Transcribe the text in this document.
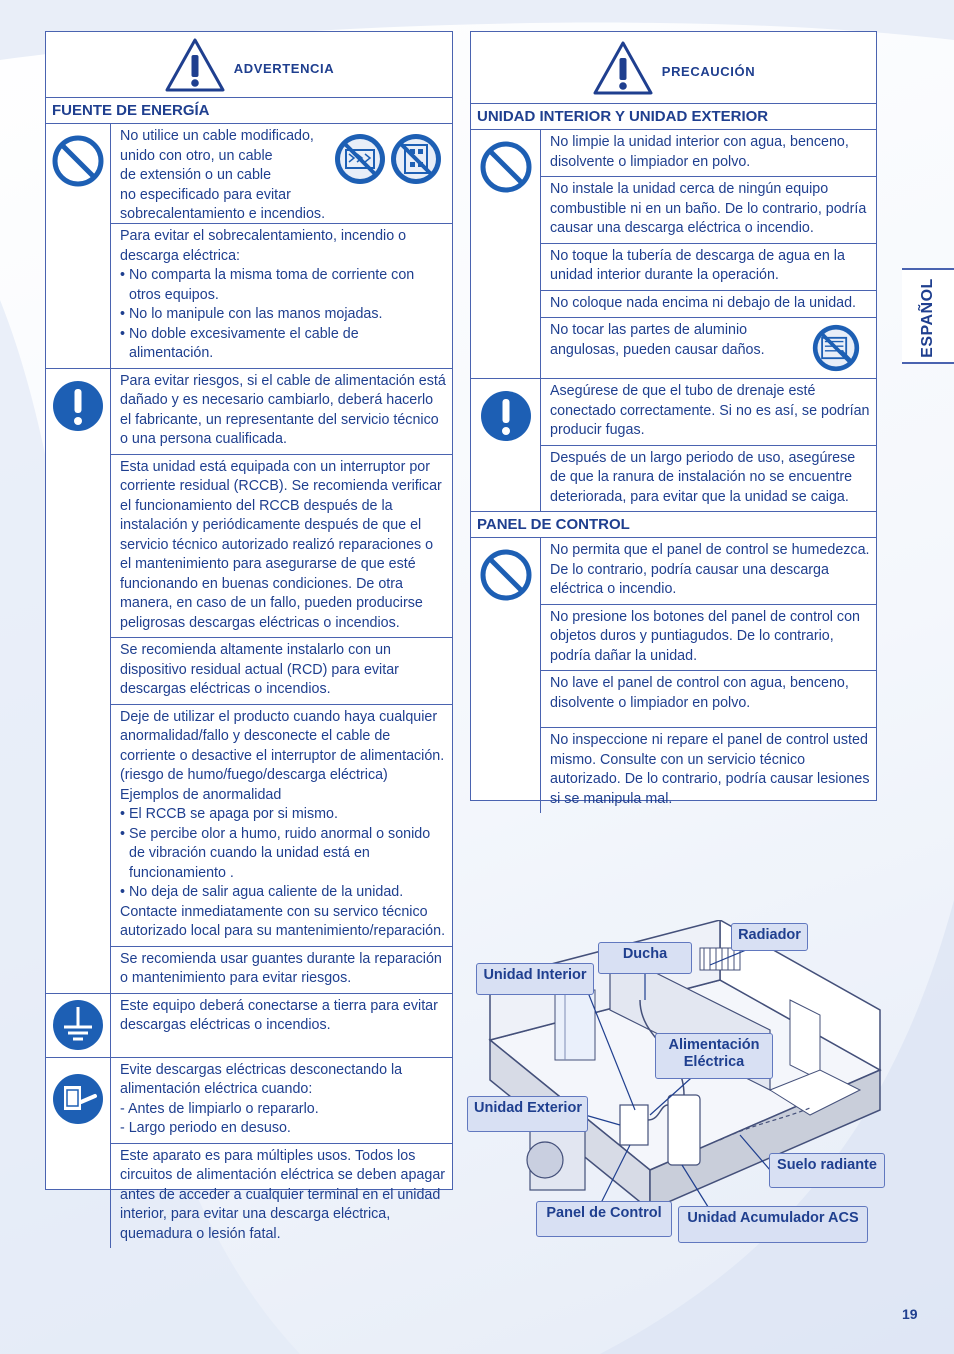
ADVERTENCIA
FUENTE DE ENERGÍA
No utilice un cable modificado,
unido con otro, un cable
de extensión o un cable
no especificado para evitar
sobrecalentamiento e incendios.
Para evitar el sobrecalentamiento, incendio o descarga eléctrica:
• No comparta la misma toma de corriente con otros equipos.
• No lo manipule con las manos mojadas.
• No doble excesivamente el cable de alimentación.
Para evitar riesgos, si el cable de alimentación está dañado y es necesario cambiarlo, deberá hacerlo el fabricante, un representante del servicio técnico o una persona cualificada.
Esta unidad está equipada con un interruptor por corriente residual (RCCB). Se recomienda verificar el funcionamiento del RCCB después de la instalación y periódicamente después de que el servicio técnico autorizado realizó reparaciones o el mantenimiento para asegurarse de que esté funcionando en buenas condiciones. De otra manera, en caso de un fallo, pueden producirse peligrosas descargas eléctricas o incendios.
Se recomienda altamente instalarlo con un dispositivo residual actual (RCD) para evitar descargas eléctricas o incendios.
Deje de utilizar el producto cuando haya cualquier anormalidad/fallo y desconecte el cable de corriente o desactive el interruptor de alimentación. (riesgo de humo/fuego/descarga eléctrica)
Ejemplos de anormalidad
• El RCCB se apaga por si mismo.
• Se percibe olor a humo, ruido anormal o sonido de vibración cuando la unidad está en funcionamiento .
• No deja de salir agua caliente de la unidad.
Contacte inmediatamente con su servico técnico autorizado local para su mantenimiento/reparación.
Se recomienda usar guantes durante la reparación o mantenimiento para evitar riesgos.
Este equipo deberá conectarse a tierra para evitar descargas eléctricas o incendios.
Evite descargas eléctricas desconectando la alimentación eléctrica cuando:
- Antes de limpiarlo o repararlo.
- Largo periodo en desuso.
Este aparato es para múltiples usos. Todos los circuitos de alimentación eléctrica se deben apagar antes de acceder a cualquier terminal en el unidad interior, para evitar una descarga eléctrica, quemadura o lesión fatal.
PRECAUCIÓN
UNIDAD INTERIOR Y UNIDAD EXTERIOR
No limpie la unidad interior con agua, benceno, disolvente o limpiador en polvo.
No instale la unidad cerca de ningún equipo combustible ni en un baño. De lo contrario, podría causar una descarga eléctrica o incendio.
No toque la tubería de descarga de agua en la unidad interior durante la operación.
No coloque nada encima ni debajo de la unidad.
No tocar las partes de aluminio
angulosas, pueden causar daños.
Asegúrese de que el tubo de drenaje esté conectado correctamente. Si no es así, se podrían producir fugas.
Después de un largo periodo de uso, asegúrese de que la ranura de instalación no se encuentre deteriorada, para evitar que la unidad se caiga.
PANEL DE CONTROL
No permita que el panel de control se humedezca. De lo contrario, podría causar una descarga eléctrica o incendio.
No presione los botones del panel de control con objetos duros y puntiagudos. De lo contrario, podría dañar la unidad.
No lave el panel de control con agua, benceno, disolvente o limpiador en polvo.
No inspeccione ni repare el panel de control usted mismo. Consulte con un servicio técnico autorizado. De lo contrario, podría causar lesiones si se manipula mal.
ESPAÑOL
Radiador
Ducha
Unidad Interior
Alimentación
Eléctrica
Unidad Exterior
Suelo radiante
Panel de Control	Unidad Acumulador ACS
19
